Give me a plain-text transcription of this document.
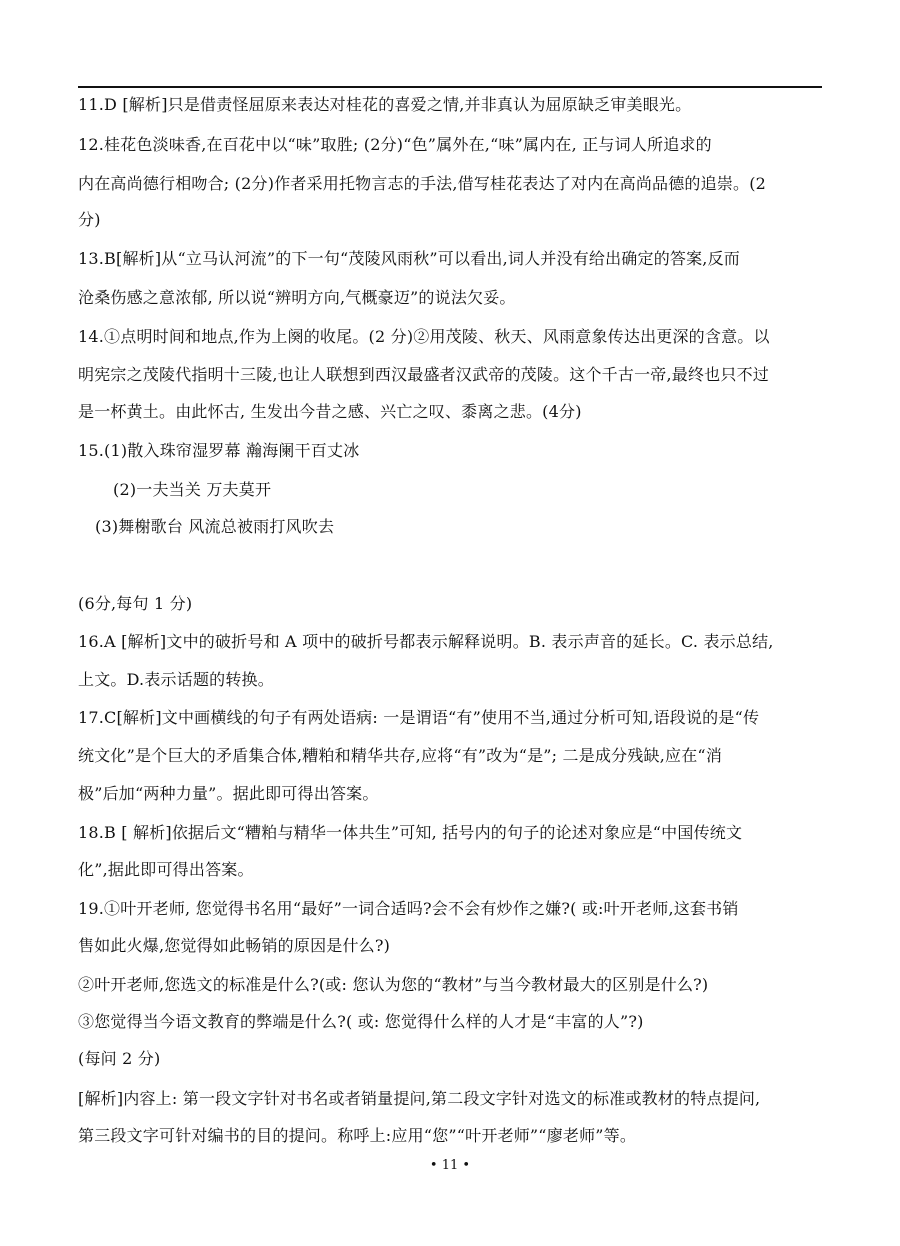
11.D [解析]只是借责怪屈原来表达对桂花的喜爱之情,并非真认为屈原缺乏审美眼光。
12.桂花色淡味香,在百花中以“味”取胜; (2分)“色”属外在,“味”属内在, 正与词人所追求的
内在高尚德行相吻合; (2分)作者采用托物言志的手法,借写桂花表达了对内在高尚品德的追崇。(2
分)
13.B[解析]从“立马认河流”的下一句“茂陵风雨秋”可以看出,词人并没有给出确定的答案,反而
沧桑伤感之意浓郁, 所以说“辨明方向,气概豪迈”的说法欠妥。
14.①点明时间和地点,作为上阕的收尾。(2 分)②用茂陵、秋天、风雨意象传达出更深的含意。以
明宪宗之茂陵代指明十三陵,也让人联想到西汉最盛者汉武帝的茂陵。这个千古一帝,最终也只不过
是一杯黄土。由此怀古, 生发出今昔之感、兴亡之叹、黍离之悲。(4分)
15.(1)散入珠帘湿罗幕 瀚海阑干百丈冰
(2)一夫当关 万夫莫开
(3)舞榭歌台 风流总被雨打风吹去
(6分,每句 1 分)
16.A [解析]文中的破折号和 A 项中的破折号都表示解释说明。B. 表示声音的延长。C. 表示总结,
上文。D.表示话题的转换。
17.C[解析]文中画横线的句子有两处语病: 一是谓语“有”使用不当,通过分析可知,语段说的是“传
统文化”是个巨大的矛盾集合体,糟粕和精华共存,应将“有”改为“是”; 二是成分残缺,应在“消
极”后加“两种力量”。据此即可得出答案。
18.B [ 解析]依据后文“糟粕与精华一体共生”可知, 括号内的句子的论述对象应是“中国传统文
化”,据此即可得出答案。
19.①叶开老师, 您觉得书名用“最好”一词合适吗?会不会有炒作之嫌?( 或:叶开老师,这套书销
售如此火爆,您觉得如此畅销的原因是什么?)
②叶开老师,您选文的标准是什么?(或: 您认为您的“教材”与当今教材最大的区别是什么?)
③您觉得当今语文教育的弊端是什么?( 或: 您觉得什么样的人才是“丰富的人”?)
(每问 2 分)
[解析]内容上: 第一段文字针对书名或者销量提问,第二段文字针对选文的标准或教材的特点提问,
第三段文字可针对编书的目的提问。称呼上:应用“您”“叶开老师”“廖老师”等。
• 11 •
